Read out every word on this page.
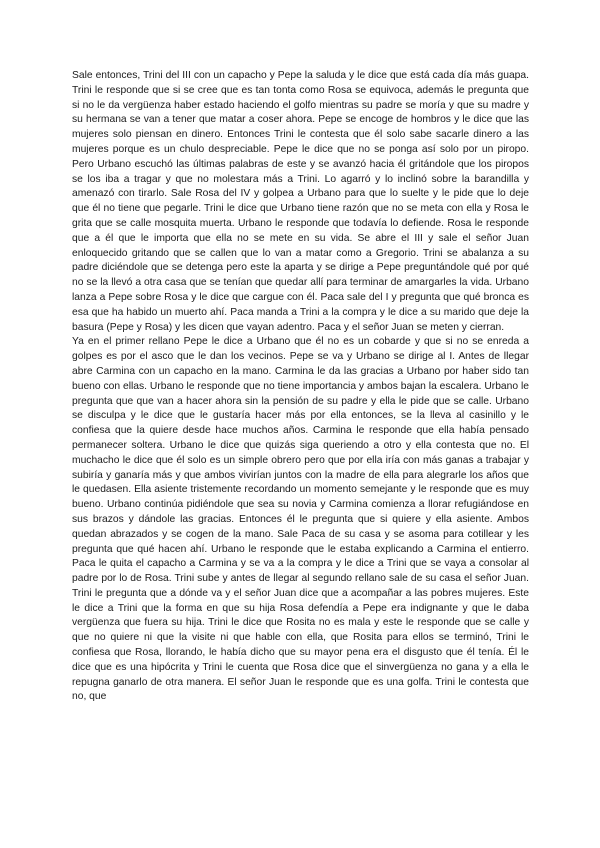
Sale entonces, Trini del III con un capacho y Pepe la saluda y le dice que está cada día más guapa. Trini le responde que si se cree que es tan tonta como Rosa se equivoca, además le pregunta que si no le da vergüenza haber estado haciendo el golfo mientras su padre se moría y que su madre y su hermana se van a tener que matar a coser ahora. Pepe se encoge de hombros y le dice que las mujeres solo piensan en dinero. Entonces Trini le contesta que él solo sabe sacarle dinero a las mujeres porque es un chulo despreciable. Pepe le dice que no se ponga así solo por un piropo. Pero Urbano escuchó las últimas palabras de este y se avanzó hacia él gritándole que los piropos se los iba a tragar y que no molestara más a Trini. Lo agarró y lo inclinó sobre la barandilla y amenazó con tirarlo. Sale Rosa del IV y golpea a Urbano para que lo suelte y le pide que lo deje que él no tiene que pegarle. Trini le dice que Urbano tiene razón que no se meta con ella y Rosa le grita que se calle mosquita muerta. Urbano le responde que todavía lo defiende. Rosa le responde que a él que le importa que ella no se mete en su vida. Se abre el III y sale el señor Juan enloquecido gritando que se callen que lo van a matar como a Gregorio. Trini se abalanza a su padre diciéndole que se detenga pero este la aparta y se dirige a Pepe preguntándole qué por qué no se la llevó a otra casa que se tenían que quedar allí para terminar de amargarles la vida. Urbano lanza a Pepe sobre Rosa y le dice que cargue con él. Paca sale del I y pregunta que qué bronca es esa que ha habido un muerto ahí. Paca manda a Trini a la compra y le dice a su marido que deje la basura (Pepe y Rosa) y les dicen que vayan adentro. Paca y el señor Juan se meten y cierran.

Ya en el primer rellano Pepe le dice a Urbano que él no es un cobarde y que si no se enreda a golpes es por el asco que le dan los vecinos. Pepe se va y Urbano se dirige al I. Antes de llegar abre Carmina con un capacho en la mano. Carmina le da las gracias a Urbano por haber sido tan bueno con ellas. Urbano le responde que no tiene importancia y ambos bajan la escalera. Urbano le pregunta que que van a hacer ahora sin la pensión de su padre y ella le pide que se calle. Urbano se disculpa y le dice que le gustaría hacer más por ella entonces, se la lleva al casinillo y le confiesa que la quiere desde hace muchos años. Carmina le responde que ella había pensado permanecer soltera. Urbano le dice que quizás siga queriendo a otro y ella contesta que no. El muchacho le dice que él solo es un simple obrero pero que por ella iría con más ganas a trabajar y subiría y ganaría más y que ambos vivirían juntos con la madre de ella para alegrarle los años que le quedasen. Ella asiente tristemente recordando un momento semejante y le responde que es muy bueno. Urbano continúa pidiéndole que sea su novia y Carmina comienza a llorar refugiándose en sus brazos y dándole las gracias. Entonces él le pregunta que si quiere y ella asiente. Ambos quedan abrazados y se cogen de la mano. Sale Paca de su casa y se asoma para cotillear y les pregunta que qué hacen ahí. Urbano le responde que le estaba explicando a Carmina el entierro. Paca le quita el capacho a Carmina y se va a la compra y le dice a Trini que se vaya a consolar al padre por lo de Rosa. Trini sube y antes de llegar al segundo rellano sale de su casa el señor Juan. Trini le pregunta que a dónde va y el señor Juan dice que a acompañar a las pobres mujeres. Este le dice a Trini que la forma en que su hija Rosa defendía a Pepe era indignante y que le daba vergüenza que fuera su hija. Trini le dice que Rosita no es mala y este le responde que se calle y que no quiere ni que la visite ni que hable con ella, que Rosita para ellos se terminó, Trini le confiesa que Rosa, llorando, le había dicho que su mayor pena era el disgusto que él tenía. Él le dice que es una hipócrita y Trini le cuenta que Rosa dice que el sinvergüenza no gana y a ella le repugna ganarlo de otra manera. El señor Juan le responde que es una golfa. Trini le contesta que no, que
